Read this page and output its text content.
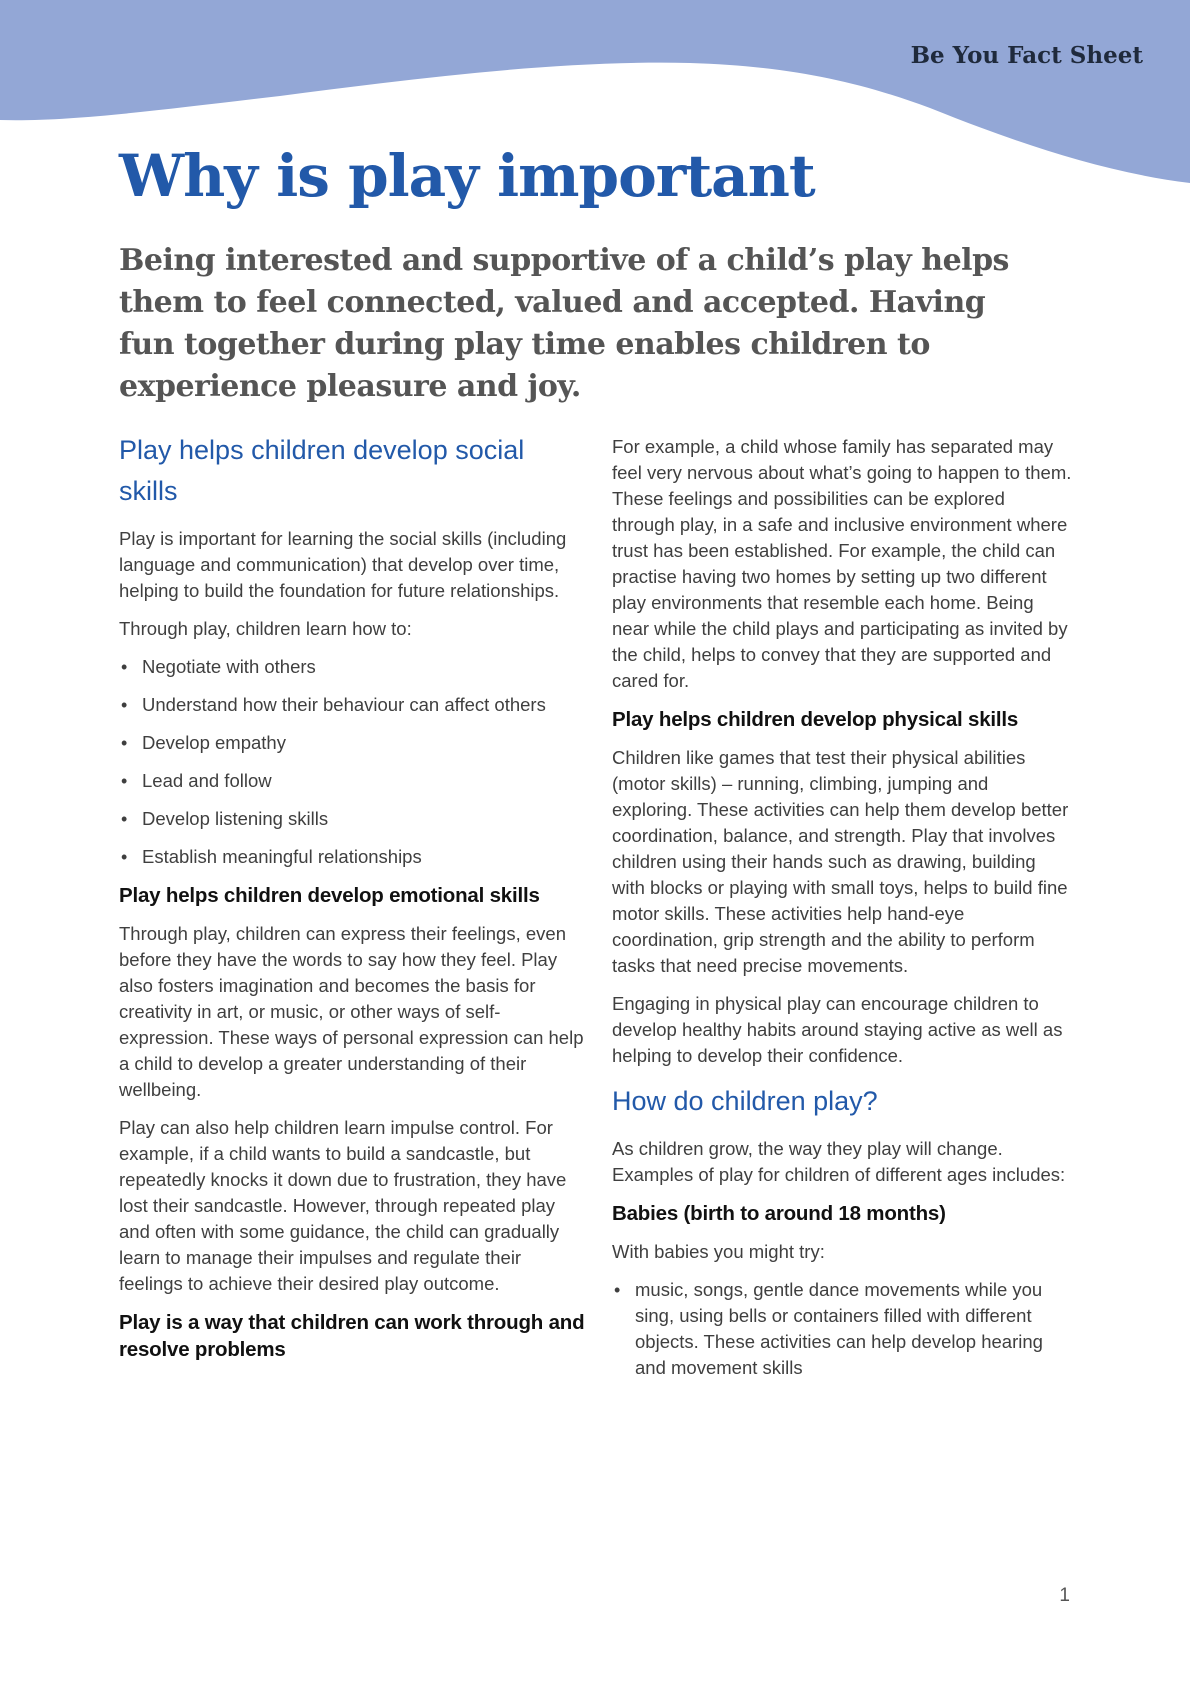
Be You Fact Sheet

Why is play important

Being interested and supportive of a child’s play helps them to feel connected, valued and accepted. Having fun together during play time enables children to experience pleasure and joy.

Play helps children develop social skills

Play is important for learning the social skills (including language and communication) that develop over time, helping to build the foundation for future relationships.

Through play, children learn how to:

• Negotiate with others
• Understand how their behaviour can affect others
• Develop empathy
• Lead and follow
• Develop listening skills
• Establish meaningful relationships
Play helps children develop emotional skills

Through play, children can express their feelings, even before they have the words to say how they feel. Play also fosters imagination and becomes the basis for creativity in art, or music, or other ways of self-expression. These ways of personal expression can help a child to develop a greater understanding of their wellbeing.

Play can also help children learn impulse control. For example, if a child wants to build a sandcastle, but repeatedly knocks it down due to frustration, they have lost their sandcastle. However, through repeated play and often with some guidance, the child can gradually learn to manage their impulses and regulate their feelings to achieve their desired play outcome.

Play is a way that children can work through and resolve problems

For example, a child whose family has separated may feel very nervous about what’s going to happen to them. These feelings and possibilities can be explored through play, in a safe and inclusive environment where trust has been established. For example, the child can practise having two homes by setting up two different play environments that resemble each home. Being near while the child plays and participating as invited by the child, helps to convey that they are supported and cared for.

Play helps children develop physical skills

Children like games that test their physical abilities (motor skills) – running, climbing, jumping and exploring. These activities can help them develop better coordination, balance, and strength. Play that involves children using their hands such as drawing, building with blocks or playing with small toys, helps to build fine motor skills. These activities help hand-eye coordination, grip strength and the ability to perform tasks that need precise movements.

Engaging in physical play can encourage children to develop healthy habits around staying active as well as helping to develop their confidence.

How do children play?

As children grow, the way they play will change. Examples of play for children of different ages includes:

Babies (birth to around 18 months)

With babies you might try:

• music, songs, gentle dance movements while you sing, using bells or containers filled with different objects. These activities can help develop hearing and movement skills

1
